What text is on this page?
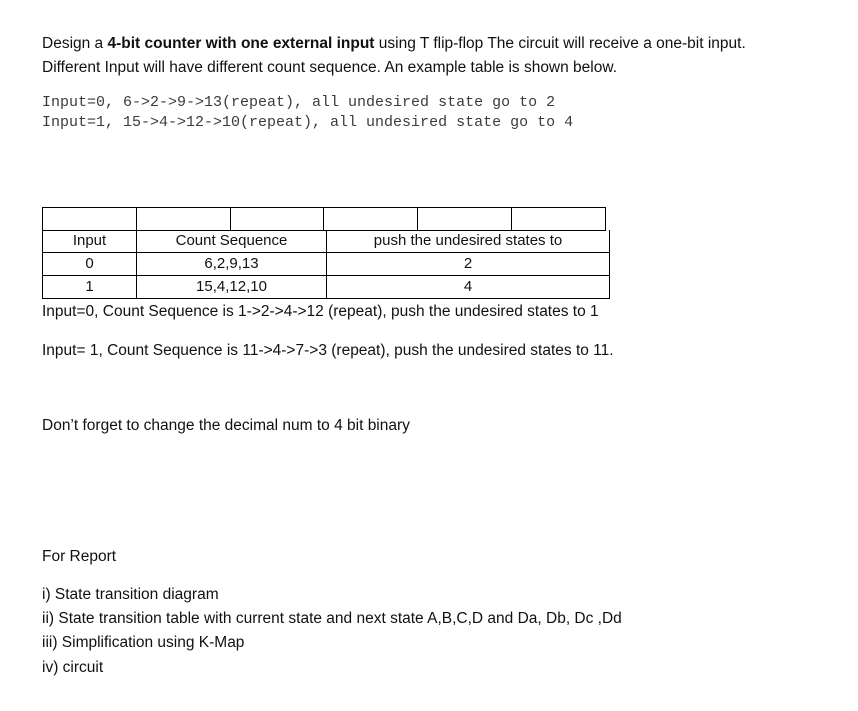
Design a 4-bit counter with one external input using T flip-flop The circuit will receive a one-bit input.
Different Input will have different count sequence. An example table is shown below.
Input=0, 6->2->9->13(repeat), all undesired state go to 2
Input=1, 15->4->12->10(repeat), all undesired state go to 4
Input	Count Sequence	push the undesired states to
0	6,2,9,13	2
1	15,4,12,10	4
Input=0, Count Sequence is 1->2->4->12 (repeat), push the undesired states to 1
Input= 1, Count Sequence is 11->4->7->3 (repeat), push the undesired states to 11.
Don’t forget to change the decimal num to 4 bit binary
For Report
i) State transition diagram
ii) State transition table with current state and next state A,B,C,D and Da, Db, Dc ,Dd
iii) Simplification using K-Map
iv) circuit
